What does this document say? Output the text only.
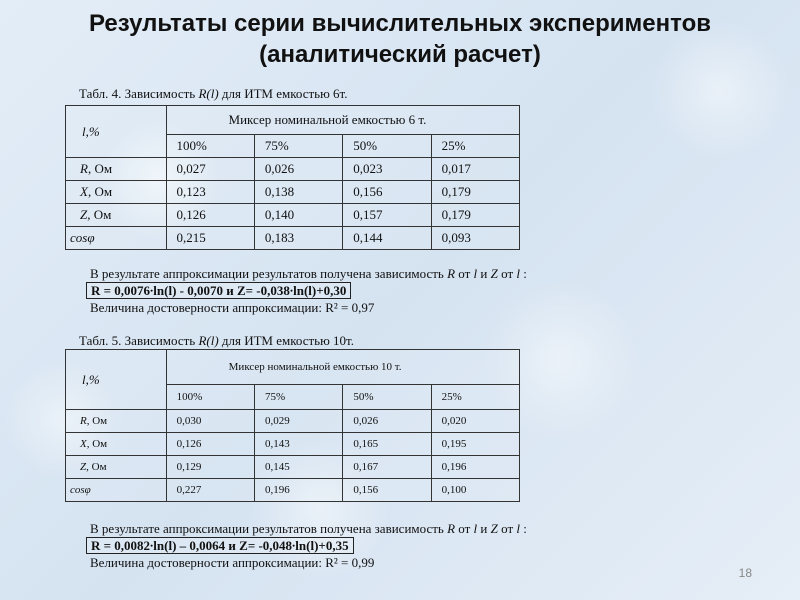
Результаты серии вычислительных экспериментов
(аналитический расчет)
Табл. 4. Зависимость R(l) для ИТМ емкостью 6т.
l,%	Миксер номинальной емкостью 6 т.			
	100%	75%	50%	25%
R, Ом	0,027	0,026	0,023	0,017
X, Ом	0,123	0,138	0,156	0,179
Z, Ом	0,126	0,140	0,157	0,179
cosφ	0,215	0,183	0,144	0,093
В результате аппроксимации результатов получена зависимость R от l и Z от l :
R = 0,0076∙ln(l) - 0,0070 и Z= -0,038∙ln(l)+0,30
Величина достоверности аппроксимации: R² = 0,97
Табл. 5. Зависимость R(l) для ИТМ емкостью 10т.
l,%	Миксер номинальной емкостью 10 т.			
	100%	75%	50%	25%
R, Ом	0,030	0,029	0,026	0,020
X, Ом	0,126	0,143	0,165	0,195
Z, Ом	0,129	0,145	0,167	0,196
cosφ	0,227	0,196	0,156	0,100
В результате аппроксимации результатов получена зависимость R от l и Z от l :
R = 0,0082∙ln(l) – 0,0064 и Z= -0,048∙ln(l)+0,35
Величина достоверности аппроксимации: R² = 0,99
18
